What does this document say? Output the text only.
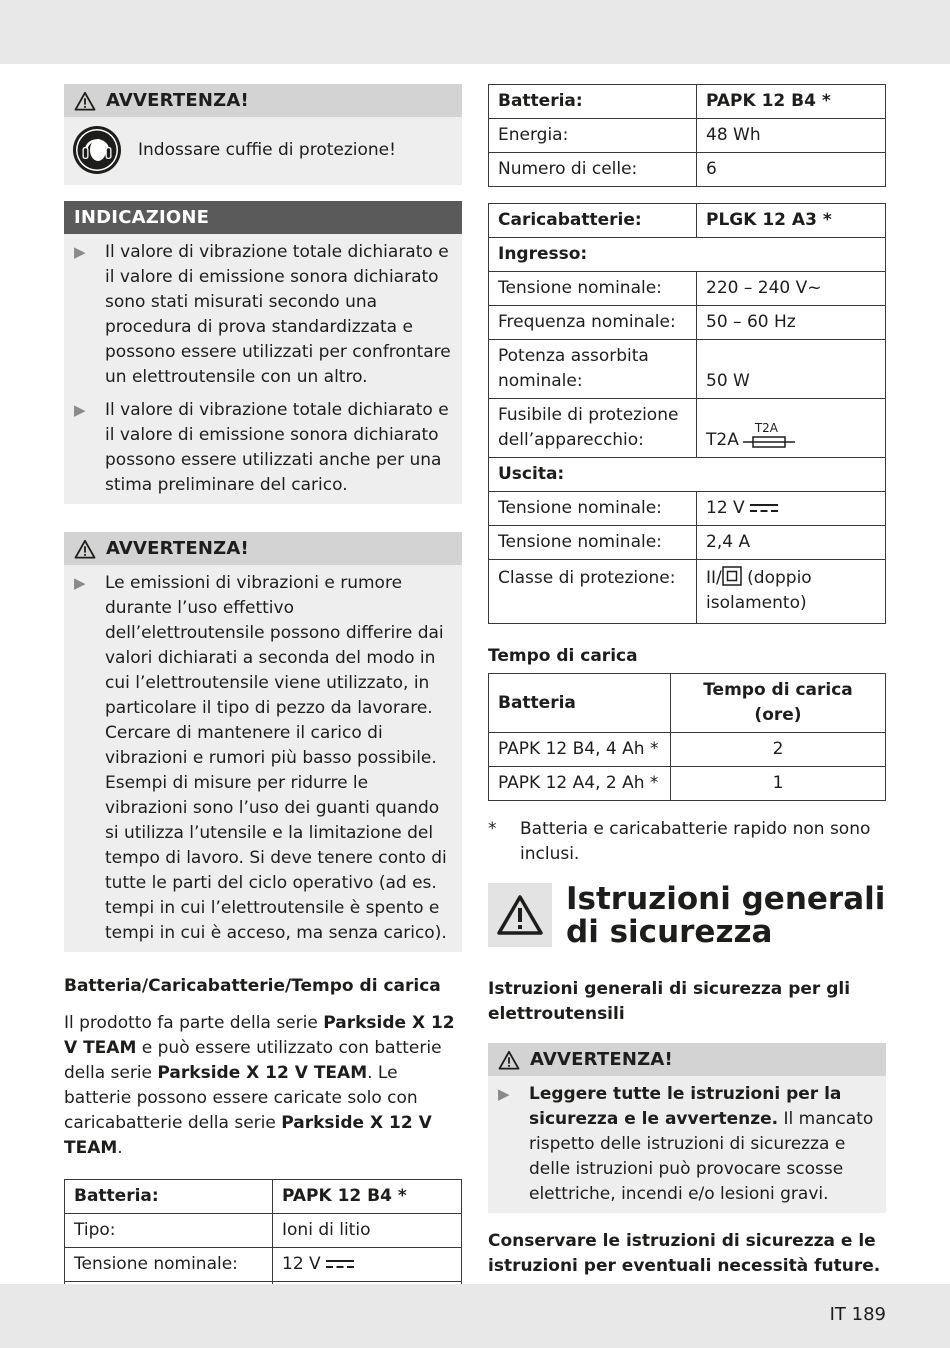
AVVERTENZA!
Indossare cuffie di protezione!
INDICAZIONE
▶	Il valore di vibrazione totale dichiarato e il valore di emissione sonora dichiarato sono stati misurati secondo una procedura di prova standardizzata e possono essere utilizzati per confrontare un elettroutensile con un altro.
▶	Il valore di vibrazione totale dichiarato e il valore di emissione sonora dichiarato possono essere utilizzati anche per una stima preliminare del carico.
AVVERTENZA!
▶	Le emissioni di vibrazioni e rumore durante l’uso effettivo dell’elettroutensile possono differire dai valori dichiarati a seconda del modo in cui l’elettroutensile viene utilizzato, in particolare il tipo di pezzo da lavorare. Cercare di mantenere il carico di vibrazioni e rumori più basso possibile. Esempi di misure per ridurre le vibrazioni sono l’uso dei guanti quando si utilizza l’utensile e la limitazione del tempo di lavoro. Si deve tenere conto di tutte le parti del ciclo operativo (ad es. tempi in cui l’elettroutensile è spento e tempi in cui è acceso, ma senza carico).
Batteria/Caricabatterie/Tempo di carica
Il prodotto fa parte della serie Parkside X 12 V TEAM e può essere utilizzato con batterie della serie Parkside X 12 V TEAM. Le batterie possono essere caricate solo con caricabatterie della serie Parkside X 12 V TEAM.
Batteria:	PAPK 12 B4 *
Tipo:	Ioni di litio
Tensione nominale:	12 V

Batteria:	PAPK 12 B4 *
Energia:	48 Wh
Numero di celle:	6
Caricabatterie:	PLGK 12 A3 *
Ingresso:	
Tensione nominale:	220 – 240 V~
Frequenza nominale:	50 – 60 Hz
Potenza assorbita nominale:	50 W
Fusibile di protezione dell’apparecchio:	T2A
T2A

Uscita:	
Tensione nominale:	12 V
Tensione nominale:	2,4 A
Classe di protezione:	II/ (doppio isolamento)
Tempo di carica
Batteria	Tempo di carica (ore)
PAPK 12 B4, 4 Ah *	2
PAPK 12 A4, 2 Ah *	1
*	Batteria e caricabatterie rapido non sono inclusi.
Istruzioni generali di sicurezza
Istruzioni generali di sicurezza per gli elettroutensili
AVVERTENZA!
▶	Leggere tutte le istruzioni per la sicurezza e le avvertenze. Il mancato rispetto delle istruzioni di sicurezza e delle istruzioni può provocare scosse elettriche, incendi e/o lesioni gravi.
Conservare le istruzioni di sicurezza e le istruzioni per eventuali necessità future.
IT 189
